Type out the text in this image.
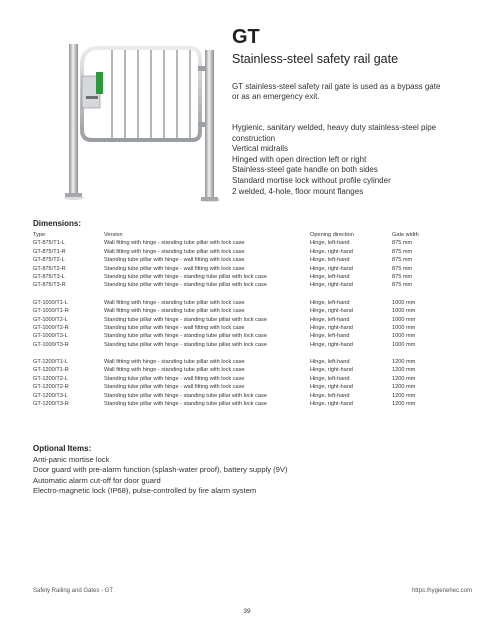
GT
Stainless-steel safety rail gate
GT stainless-steel safety rail gate is used as a bypass gate
or as an emergency exit.
Hygienic, sanitary welded, heavy duty stainless-steel pipe
construction
Vertical midrails
Hinged with open direction left or right
Stainless-steel gate handle on both sides
Standard mortise lock without profile cylinder
2 welded, 4-hole, floor mount flanges
Dimensions:
Type	Version	Opening direction	Gate width
GT-875/T1-L	Wall fitting with hinge - standing tube pillar with lock case	Hinge, left-hand	875 mm
GT-875/T1-R	Wall fitting with hinge - standing tube pillar with lock case	Hinge, right-hand	875 mm
GT-875/T2-L	Standing tube pillar with hinge - wall fitting with lock case	Hinge, left-hand	875 mm
GT-875/T2-R	Standing tube pillar with hinge - wall fitting with lock case	Hinge, right-hand	875 mm
GT-875/T3-L	Standing tube pillar with hinge - standing tube pillar with lock case	Hinge, left-hand	875 mm
GT-875/T3-R	Standing tube pillar with hinge - standing tube pillar with lock case	Hinge, right-hand	875 mm
GT-1000/T1-L	Wall fitting with hinge - standing tube pillar with lock case	Hinge, left-hand	1000 mm
GT-1000/T1-R	Wall fitting with hinge - standing tube pillar with lock case	Hinge, right-hand	1000 mm
GT-1000/T2-L	Standing tube pillar with hinge - standing tube pillar with lock case	Hinge, left-hand	1000 mm
GT-1000/T2-R	Standing tube pillar with hinge - wall fitting with lock case	Hinge, right-hand	1000 mm
GT-1000/T3-L	Standing tube pillar with hinge - standing tube pillar with lock case	Hinge, left-hand	1000 mm
GT-1000/T3-R	Standing tube pillar with hinge - standing tube pillar with lock case	Hinge, right-hand	1000 mm
GT-1200/T1-L	Wall fitting with hinge - standing tube pillar with lock case	Hinge, left-hand	1200 mm
GT-1200/T1-R	Wall fitting with hinge - standing tube pillar with lock case	Hinge, right-hand	1200 mm
GT-1200/T2-L	Standing tube pillar with hinge - wall fitting with lock case	Hinge, left-hand	1200 mm
GT-1200/T2-R	Standing tube pillar with hinge - wall fitting with lock case	Hinge, right-hand	1200 mm
GT-1200/T3-L	Standing tube pillar with hinge - standing tube pillar with lock case	Hinge, left-hand	1200 mm
GT-1200/T3-R	Standing tube pillar with hinge - standing tube pillar with lock case	Hinge, right-hand	1200 mm
Optional Items:
Anti-panic mortise lock
Door guard with pre-alarm function (splash-water proof), battery supply (9V)
Automatic alarm cut-off for door guard
Electro-magnetic lock (IP68), pulse-controlled by fire alarm system
Safety Railing and Gates - GT	https:/hygienehec.com
39
